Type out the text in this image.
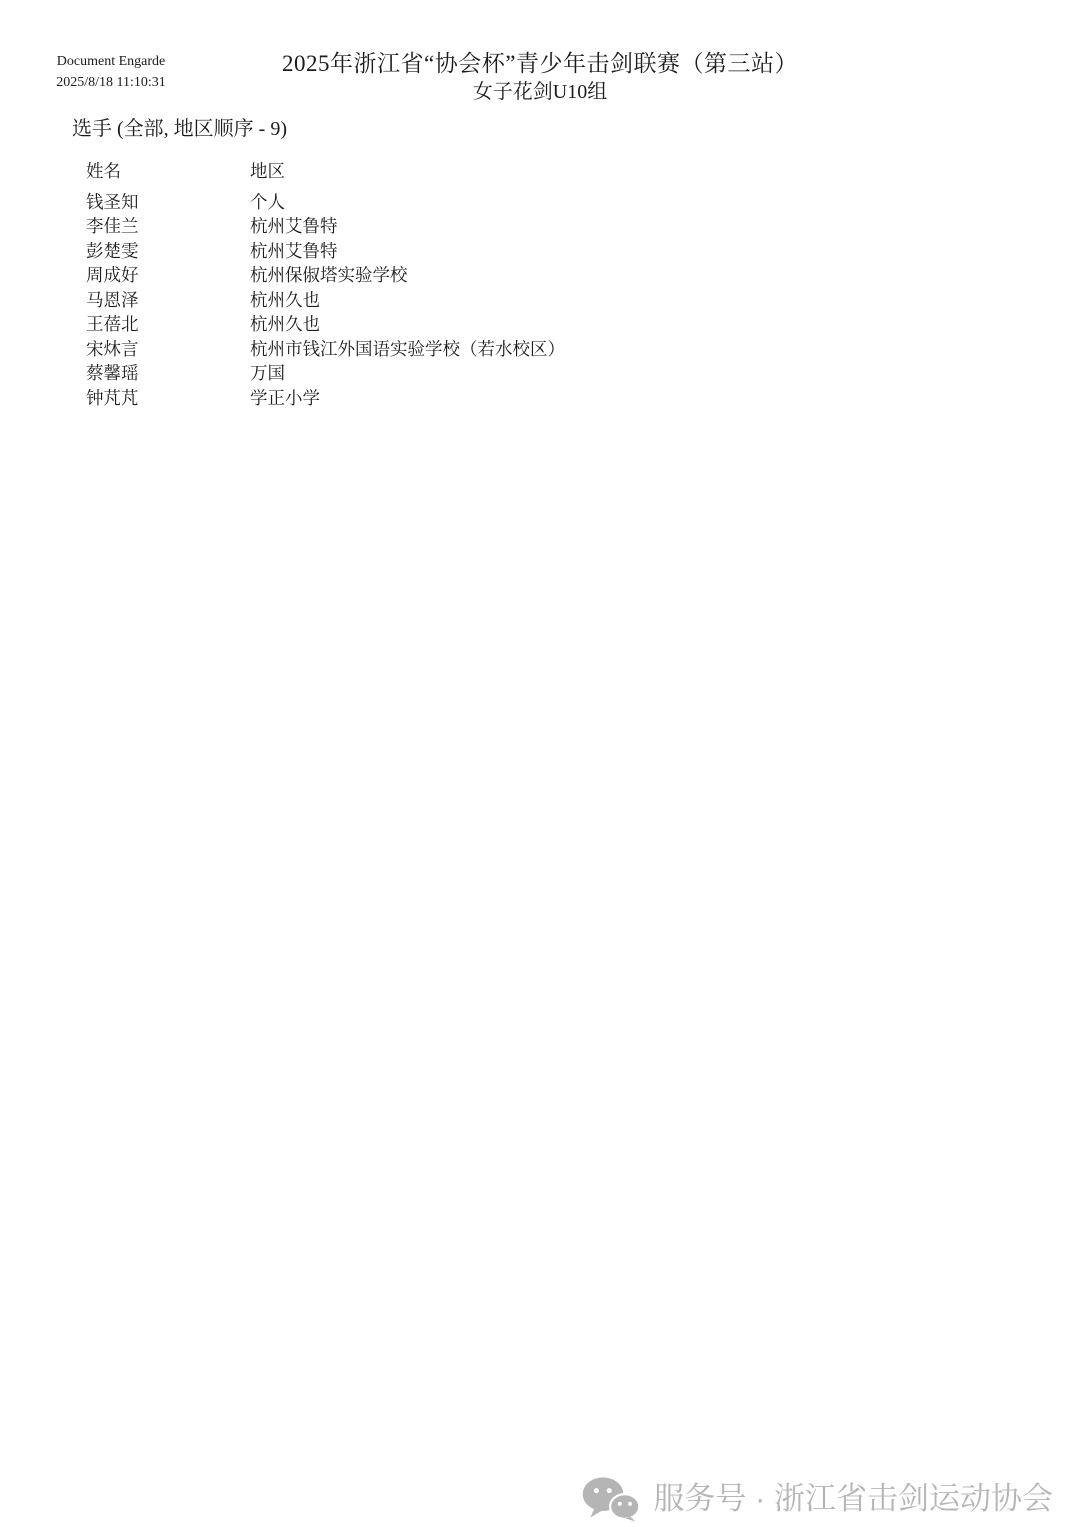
Document Engarde
2025/8/18 11:10:31
2025年浙江省“协会杯”青少年击剑联赛（第三站）
女子花剑U10组
选手 (全部, 地区顺序 - 9)
姓名	地区
钱圣知	个人
李佳兰	杭州艾鲁特
彭楚雯	杭州艾鲁特
周成好	杭州保俶塔实验学校
马恩泽	杭州久也
王蓓北	杭州久也
宋炑言	杭州市钱江外国语实验学校（若水校区）
蔡馨瑶	万国
钟芃芃	学正小学
服务号 · 浙江省击剑运动协会
